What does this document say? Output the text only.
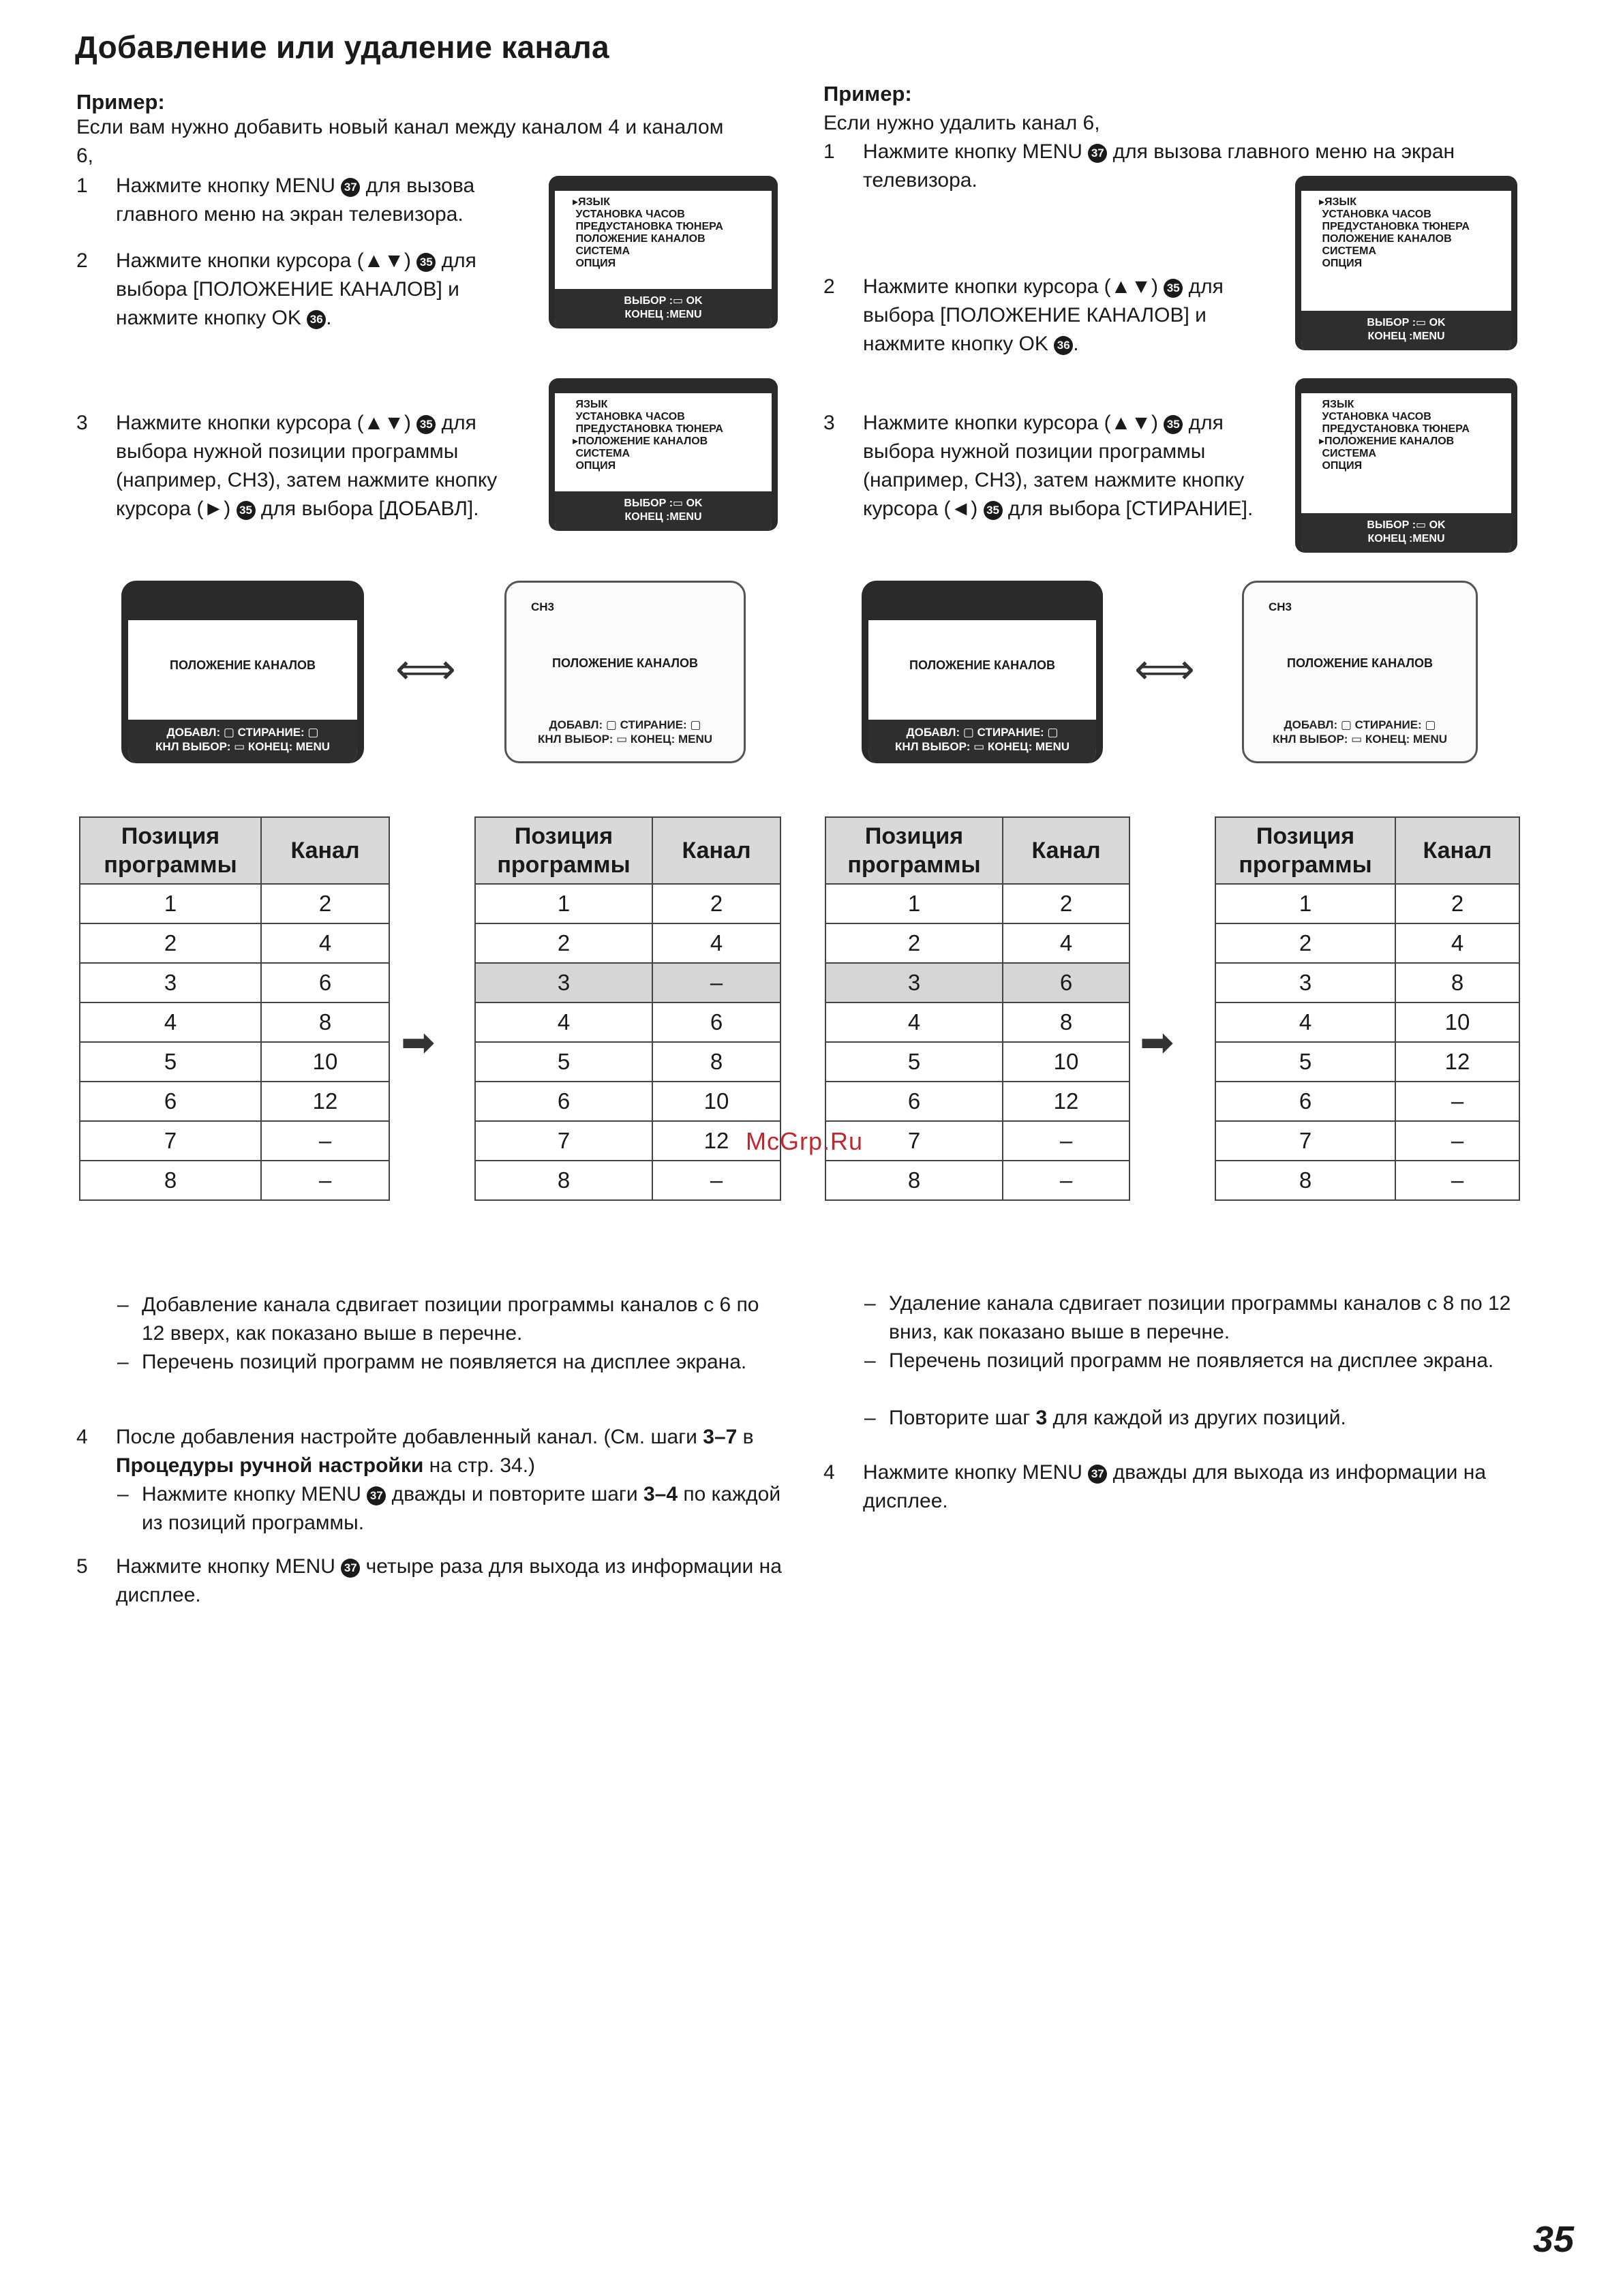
Добавление или удаление канала
Пример:
Если вам нужно добавить новый канал между каналом 4 и каналом 6,
1 Нажмите кнопку MENU 37 для вызова главного меню на экран телевизора.
2 Нажмите кнопки курсора (▲▼) 35 для выбора [ПОЛОЖЕНИЕ КАНАЛОВ] и нажмите кнопку OK 36 .
3 Нажмите кнопки курсора (▲▼) 35 для выбора нужной позиции программы (например, CH3), затем нажмите кнопку курсора (►) 35 для выбора [ДОБАВЛ].
МЕНЮ
▸ЯЗЫК
УСТАНОВКА ЧАСОВ
ПРЕДУСТАНОВКА ТЮНЕРА
ПОЛОЖЕНИЕ КАНАЛОВ
СИСТЕМА
ОПЦИЯ
ВЫБОР :▭ OK
КОНЕЦ :MENU
МЕНЮ
ЯЗЫК
УСТАНОВКА ЧАСОВ
ПРЕДУСТАНОВКА ТЮНЕРА
▸ПОЛОЖЕНИЕ КАНАЛОВ
СИСТЕМА
ОПЦИЯ
ВЫБОР :▭ OK
КОНЕЦ :MENU
CH3
ПОЛОЖЕНИЕ КАНАЛОВ
ДОБАВЛ: ▢ СТИРАНИЕ: ▢
КНЛ ВЫБОР: ▭ КОНЕЦ: MENU
⟺
CH3
ПОЛОЖЕНИЕ КАНАЛОВ
ДОБАВЛ: ▢ СТИРАНИЕ: ▢
КНЛ ВЫБОР: ▭ КОНЕЦ: MENU
Позиция
программы	Канал
1	2
2	4
3	6
4	8
5	10
6	12
7	–
8	–
➡
Позиция
программы	Канал
1	2
2	4
3	–
4	6
5	8
6	10
7	12
8	–
– Добавление канала сдвигает позиции программы каналов с 6 по 12 вверх, как показано выше в перечне.
– Перечень позиций программ не появляется на дисплее экрана.
4 После добавления настройте добавленный канал. (См. шаги 3–7 в Процедуры ручной настройки на стр. 34.)
– Нажмите кнопку MENU 37 дважды и повторите шаги 3–4 по каждой из позиций программы.
5 Нажмите кнопку MENU 37 четыре раза для выхода из информации на дисплее.
Пример:
Если нужно удалить канал 6,
1 Нажмите кнопку MENU 37 для вызова главного меню на экран телевизора.
2 Нажмите кнопки курсора (▲▼) 35 для выбора [ПОЛОЖЕНИЕ КАНАЛОВ] и нажмите кнопку OK 36 .
3 Нажмите кнопки курсора (▲▼) 35 для выбора нужной позиции программы (например, CH3), затем нажмите кнопку курсора (◄) 35 для выбора [СТИРАНИЕ].
МЕНЮ
▸ЯЗЫК
УСТАНОВКА ЧАСОВ
ПРЕДУСТАНОВКА ТЮНЕРА
ПОЛОЖЕНИЕ КАНАЛОВ
СИСТЕМА
ОПЦИЯ
ВЫБОР :▭ OK
КОНЕЦ :MENU
МЕНЮ
ЯЗЫК
УСТАНОВКА ЧАСОВ
ПРЕДУСТАНОВКА ТЮНЕРА
▸ПОЛОЖЕНИЕ КАНАЛОВ
СИСТЕМА
ОПЦИЯ
ВЫБОР :▭ OK
КОНЕЦ :MENU
CH3
ПОЛОЖЕНИЕ КАНАЛОВ
ДОБАВЛ: ▢ СТИРАНИЕ: ▢
КНЛ ВЫБОР: ▭ КОНЕЦ: MENU
⟺
CH3
ПОЛОЖЕНИЕ КАНАЛОВ
ДОБАВЛ: ▢ СТИРАНИЕ: ▢
КНЛ ВЫБОР: ▭ КОНЕЦ: MENU
Позиция
программы	Канал
1	2
2	4
3	6
4	8
5	10
6	12
7	–
8	–
➡
Позиция
программы	Канал
1	2
2	4
3	8
4	10
5	12
6	–
7	–
8	–
– Удаление канала сдвигает позиции программы каналов с 8 по 12 вниз, как показано выше в перечне.
– Перечень позиций программ не появляется на дисплее экрана.
– Повторите шаг 3 для каждой из других позиций.
4 Нажмите кнопку MENU 37 дважды для выхода из информации на дисплее.
McGrp.Ru
35
